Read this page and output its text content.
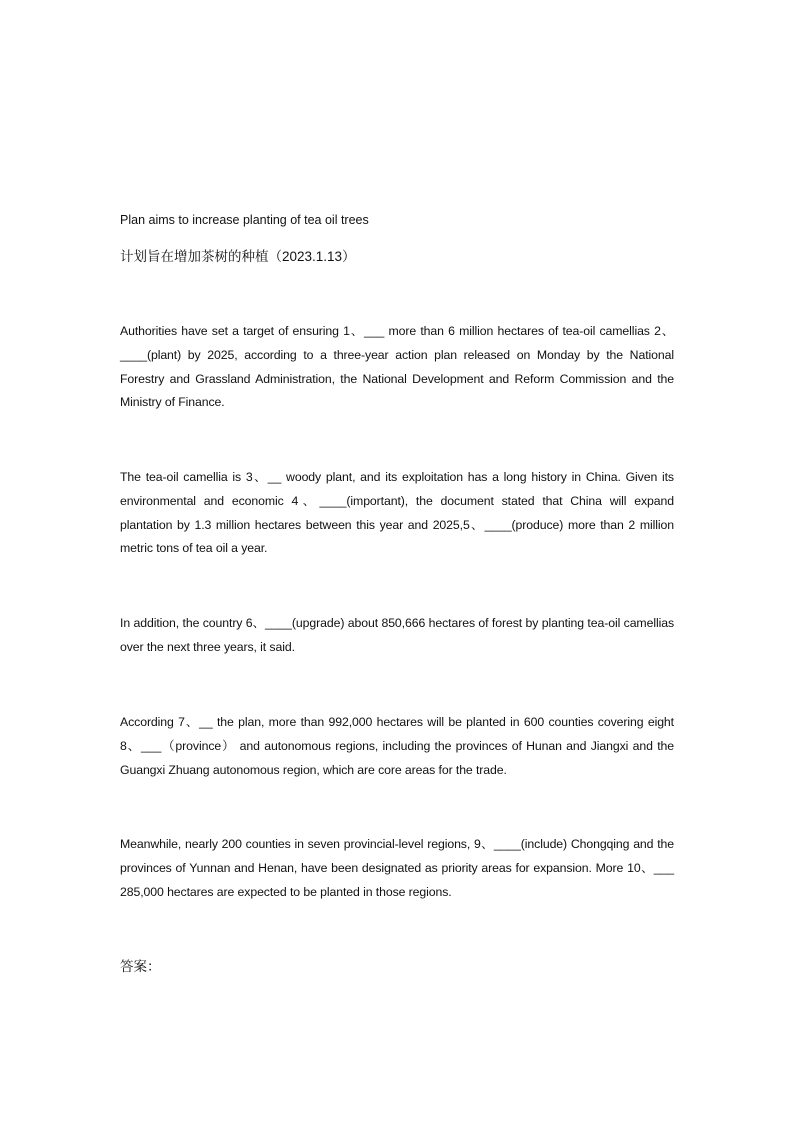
Plan aims to increase planting of tea oil trees
计划旨在增加茶树的种植（2023.1.13）
Authorities have set a target of ensuring 1、___ more than 6 million hectares of tea-oil camellias 2、____(plant) by 2025, according to a three-year action plan released on Monday by the National Forestry and Grassland Administration, the National Development and Reform Commission and the Ministry of Finance.
The tea-oil camellia is 3、__ woody plant, and its exploitation has a long history in China. Given its environmental and economic 4、____(important), the document stated that China will expand plantation by 1.3 million hectares between this year and 2025,5、____(produce) more than 2 million metric tons of tea oil a year.
In addition, the country 6、____(upgrade) about 850,666 hectares of forest by planting tea-oil camellias over the next three years, it said.
According 7、__ the plan, more than 992,000 hectares will be planted in 600 counties covering eight 8、___（province） and autonomous regions, including the provinces of Hunan and Jiangxi and the Guangxi Zhuang autonomous region, which are core areas for the trade.
Meanwhile, nearly 200 counties in seven provincial-level regions, 9、____(include) Chongqing and the provinces of Yunnan and Henan, have been designated as priority areas for expansion. More 10、___ 285,000 hectares are expected to be planted in those regions.
答案：
